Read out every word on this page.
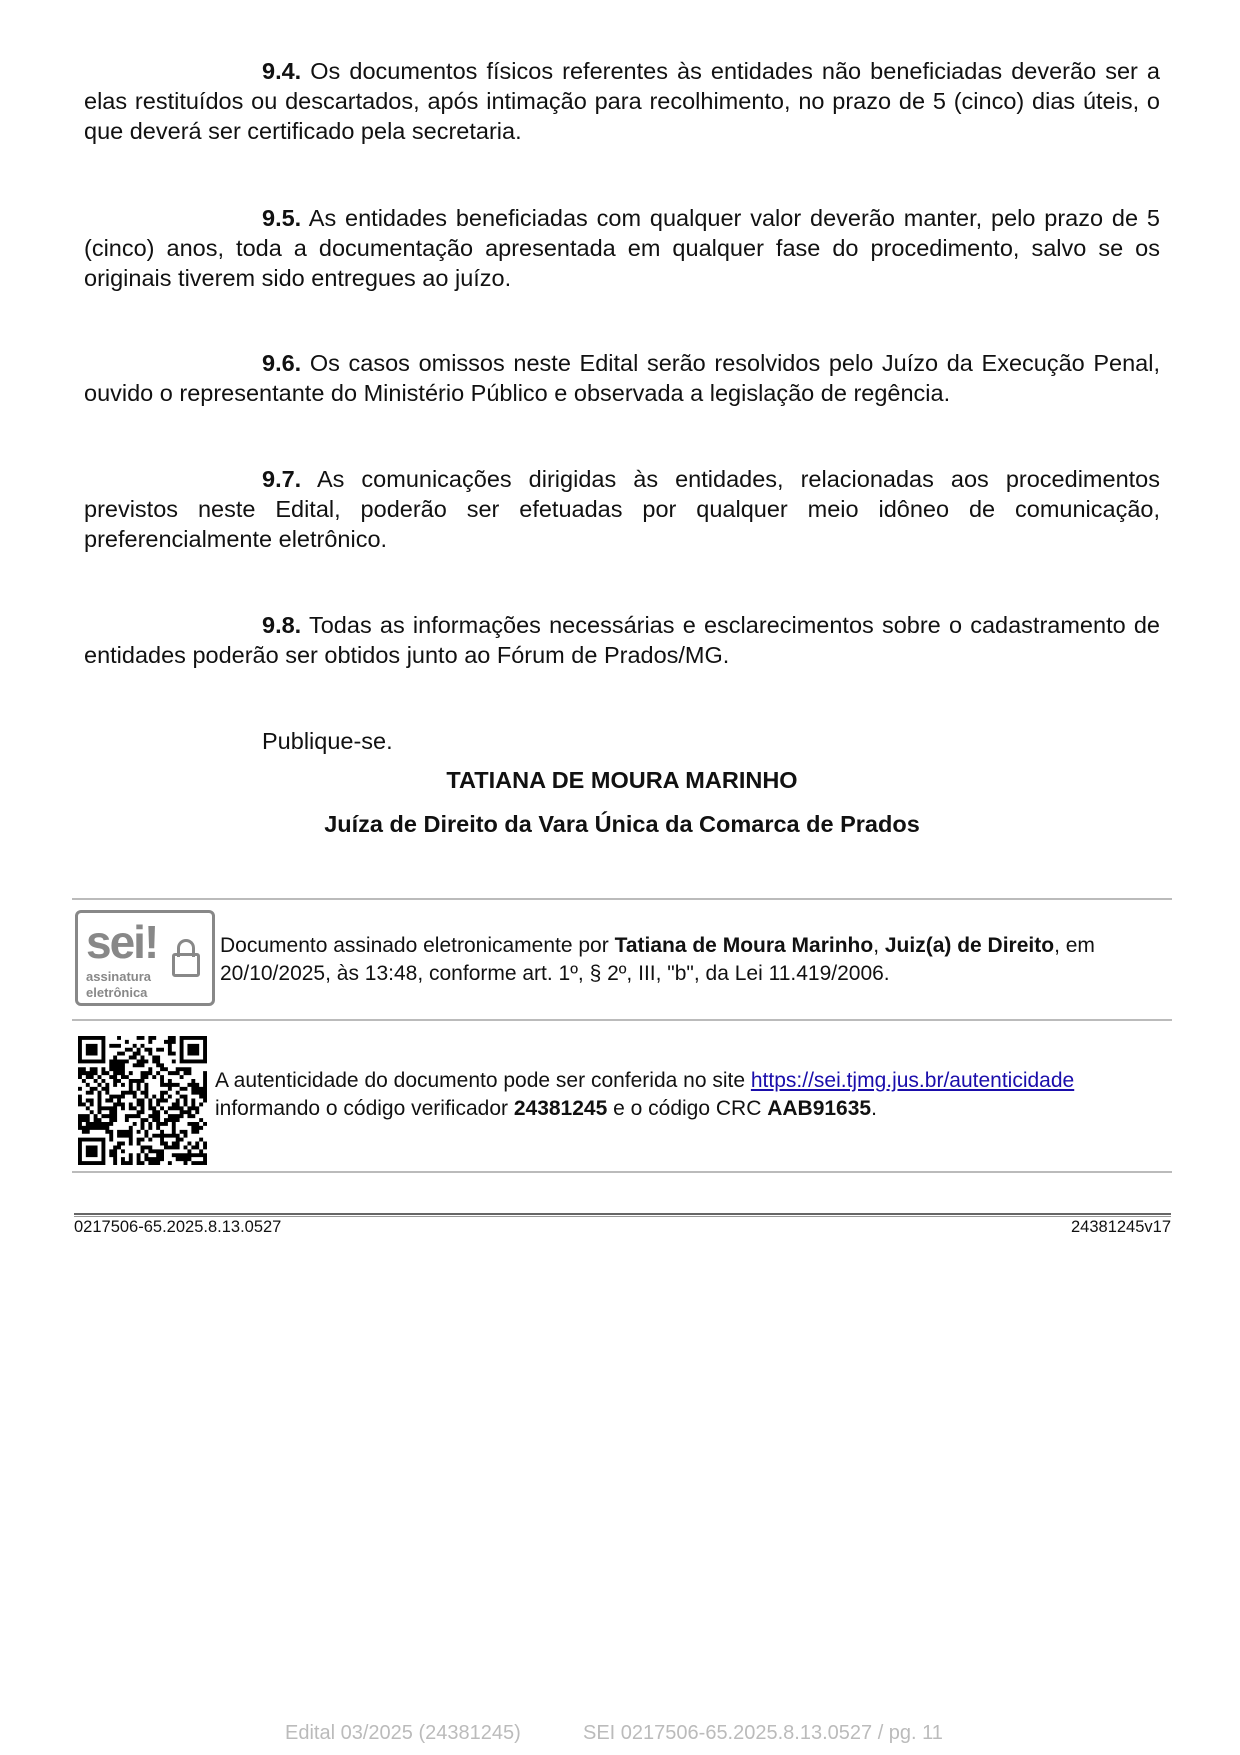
9.4. Os documentos físicos referentes às entidades não beneficiadas deverão ser a elas restituídos ou descartados, após intimação para recolhimento, no prazo de 5 (cinco) dias úteis, o que deverá ser certificado pela secretaria.
9.5. As entidades beneficiadas com qualquer valor deverão manter, pelo prazo de 5 (cinco) anos, toda a documentação apresentada em qualquer fase do procedimento, salvo se os originais tiverem sido entregues ao juízo.
9.6. Os casos omissos neste Edital serão resolvidos pelo Juízo da Execução Penal, ouvido o representante do Ministério Público e observada a legislação de regência.
9.7. As comunicações dirigidas às entidades, relacionadas aos procedimentos previstos neste Edital, poderão ser efetuadas por qualquer meio idôneo de comunicação, preferencialmente eletrônico.
9.8. Todas as informações necessárias e esclarecimentos sobre o cadastramento de entidades poderão ser obtidos junto ao Fórum de Prados/MG.
Publique-se.
TATIANA DE MOURA MARINHO
Juíza de Direito da Vara Única da Comarca de Prados
sei!
assinatura
eletrônica
Documento assinado eletronicamente por Tatiana de Moura Marinho, Juiz(a) de Direito, em 20/10/2025, às 13:48, conforme art. 1º, § 2º, III, "b", da Lei 11.419/2006.
A autenticidade do documento pode ser conferida no site https://sei.tjmg.jus.br/autenticidade
informando o código verificador 24381245 e o código CRC AAB91635.
0217506-65.2025.8.13.0527	24381245v17
Edital 03/2025 (24381245)	SEI 0217506-65.2025.8.13.0527 / pg. 11
